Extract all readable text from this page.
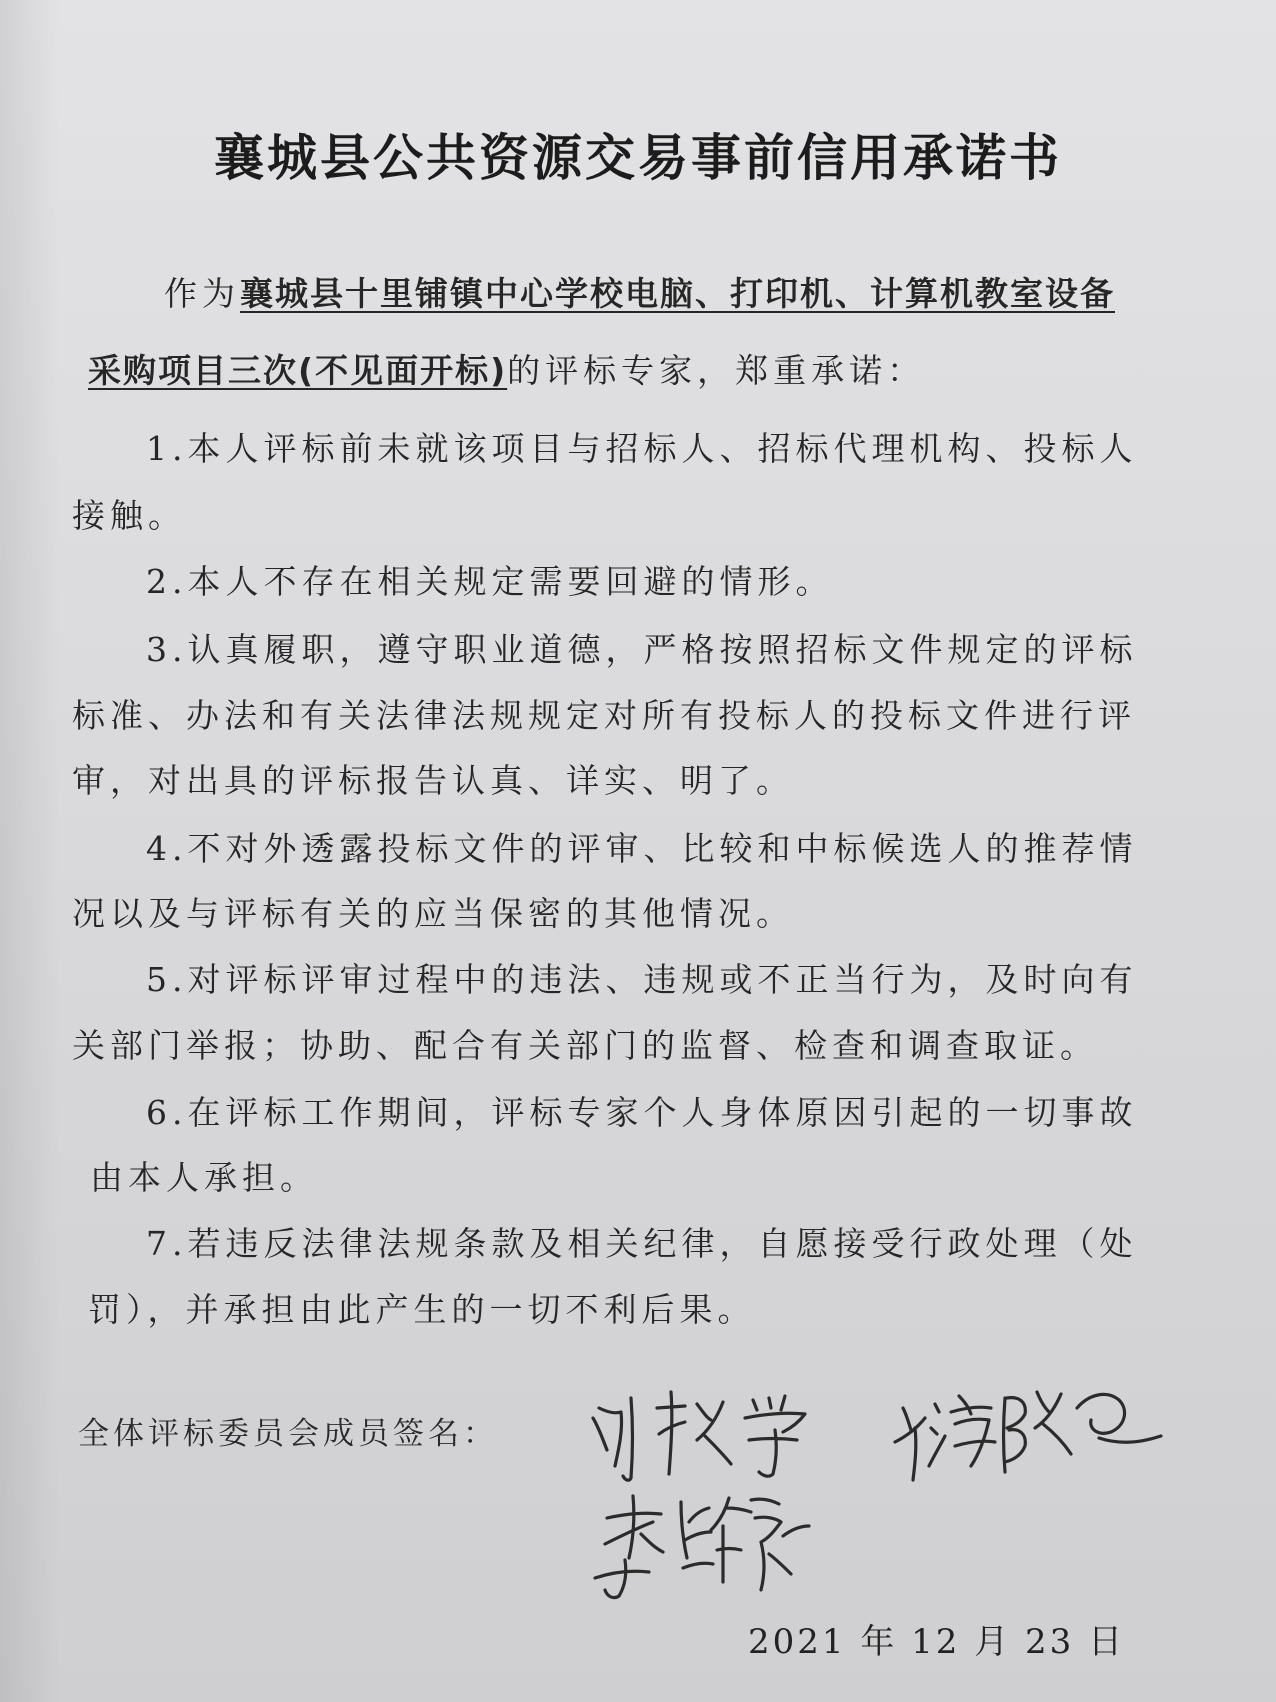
襄城县公共资源交易事前信用承诺书
作为襄城县十里铺镇中心学校电脑、打印机、计算机教室设备
采购项目三次(不见面开标)的评标专家，郑重承诺：
1.本人评标前未就该项目与招标人、招标代理机构、投标人
接触。
2.本人不存在相关规定需要回避的情形。
3.认真履职，遵守职业道德，严格按照招标文件规定的评标
标准、办法和有关法律法规规定对所有投标人的投标文件进行评
审，对出具的评标报告认真、详实、明了。
4.不对外透露投标文件的评审、比较和中标候选人的推荐情
况以及与评标有关的应当保密的其他情况。
5.对评标评审过程中的违法、违规或不正当行为，及时向有
关部门举报；协助、配合有关部门的监督、检查和调查取证。
6.在评标工作期间，评标专家个人身体原因引起的一切事故
由本人承担。
7.若违反法律法规条款及相关纪律，自愿接受行政处理（处
罚），并承担由此产生的一切不利后果。
全体评标委员会成员签名：
2021 年 12 月 23 日
